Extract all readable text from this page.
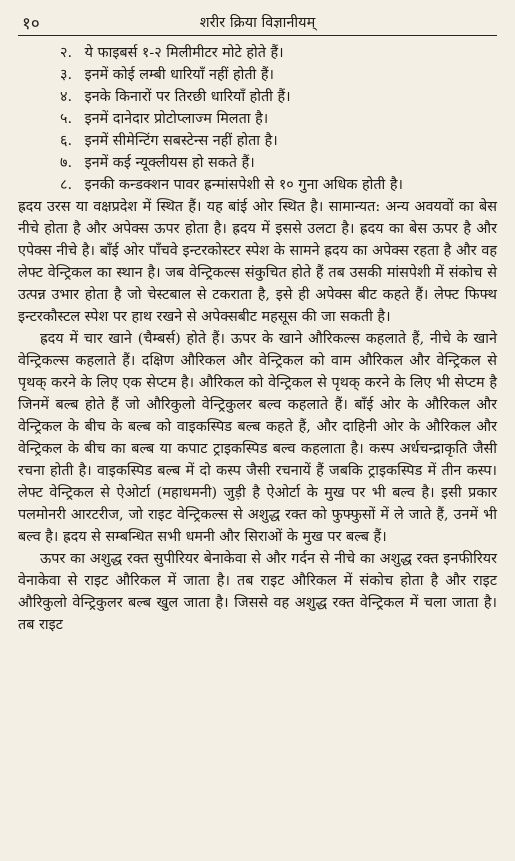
१०	शरीर क्रिया विज्ञानीयम्
२. ये फाइबर्स १-२ मिलीमीटर मोटे होते हैं।
३. इनमें कोई लम्बी धारियाँ नहीं होती हैं।
४. इनके किनारों पर तिरछी धारियाँ होती हैं।
५. इनमें दानेदार प्रोटोप्लाज्म मिलता है।
६. इनमें सीमेन्टिंग सबस्टेन्स नहीं होता है।
७. इनमें कई न्यूक्लीयस हो सकते हैं।
८. इनकी कन्डक्शन पावर ह्रन्मांसपेशी से १० गुना अधिक होती है।

ह्रदय उरस या वक्षप्रदेश में स्थित हैं। यह बांई ओर स्थित है। सामान्यत: अन्य अवयवों का बेस नीचे होता है और अपेक्स ऊपर होता है। ह्रदय में इससे उलटा है। ह्रदय का बेस ऊपर है और एपेक्स नीचे है। बाँई ओर पाँचवे इन्टरकोस्टर स्पेश के सामने ह्रदय का अपेक्स रहता है और वह लेफ्ट वेन्ट्रिकल का स्थान है। जब वेन्ट्रिकल्स संकुचित होते हैं तब उसकी मांसपेशी में संकोच से उत्पन्न उभार होता है जो चेस्टबाल से टकराता है, इसे ही अपेक्स बीट कहते हैं। लेफ्ट फिफ्थ इन्टरकौस्टल स्पेश पर हाथ रखने से अपेक्सबीट महसूस की जा सकती है।

ह्रदय में चार खाने (चैम्बर्स) होते हैं। ऊपर के खाने औरिकल्स कहलाते हैं, नीचे के खाने वेन्ट्रिकल्स कहलाते हैं। दक्षिण औरिकल और वेन्ट्रिकल को वाम औरिकल और वेन्ट्रिकल से पृथक् करने के लिए एक सेप्टम है। औरिकल को वेन्ट्रिकल से पृथक् करने के लिए भी सेप्टम है जिनमें बल्ब होते हैं जो औरिकुलो वेन्ट्रिकुलर बल्व कहलाते हैं। बाँई ओर के औरिकल और वेन्ट्रिकल के बीच के बल्ब को वाइकस्पिड बल्ब कहते हैं, और दाहिनी ओर के औरिकल और वेन्ट्रिकल के बीच का बल्ब या कपाट ट्राइकस्पिड बल्व कहलाता है। कस्प अर्धचन्द्राकृति जैसी रचना होती है। वाइकस्पिड बल्ब में दो कस्प जैसी रचनायें हैं जबकि ट्राइकस्पिड में तीन कस्प। लेफ्ट वेन्ट्रिकल से ऐओर्टा (महाधमनी) जुड़ी है ऐओर्टा के मुख पर भी बल्व है। इसी प्रकार पलमोनरी आरटरीज, जो राइट वेन्ट्रिकल्स से अशुद्ध रक्त को फुफ्फुसों में ले जाते हैं, उनमें भी बल्व है। ह्रदय से सम्बन्धित सभी धमनी और सिराओं के मुख पर बल्ब हैं।

ऊपर का अशुद्ध रक्त सुपीरियर बेनाकेवा से और गर्दन से नीचे का अशुद्ध रक्त इनफीरियर वेनाकेवा से राइट औरिकल में जाता है। तब राइट औरिकल में संकोच होता है और राइट औरिकुलो वेन्ट्रिकुलर बल्ब खुल जाता है। जिससे वह अशुद्ध रक्त वेन्ट्रिकल में चला जाता है। तब राइट
